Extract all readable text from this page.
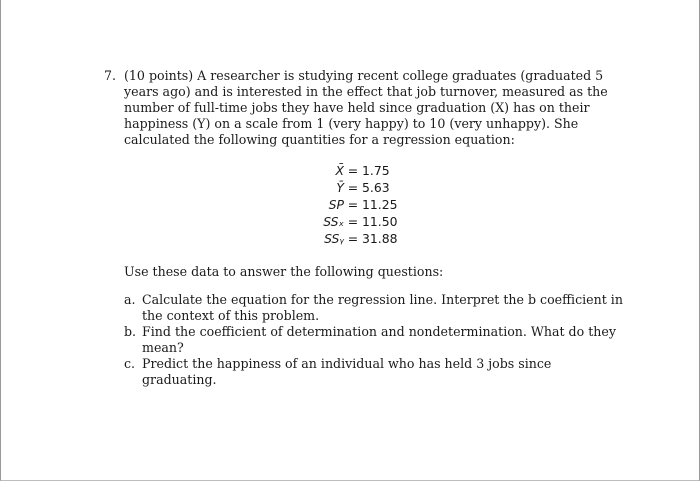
7. (10 points) A researcher is studying recent college graduates (graduated 5 years ago) and is interested in the effect that job turnover, measured as the number of full-time jobs they have held since graduation (X) has on their happiness (Y) on a scale from 1 (very happy) to 10 (very unhappy). She calculated the following quantities for a regression equation:
X̄ = 1.75
Ȳ = 5.63
SP = 11.25
SSₓ = 11.50
SSᵧ = 31.88
Use these data to answer the following questions:
a. Calculate the equation for the regression line. Interpret the b coefficient in the context of this problem.
b. Find the coefficient of determination and nondetermination. What do they mean?
c. Predict the happiness of an individual who has held 3 jobs since graduating.
